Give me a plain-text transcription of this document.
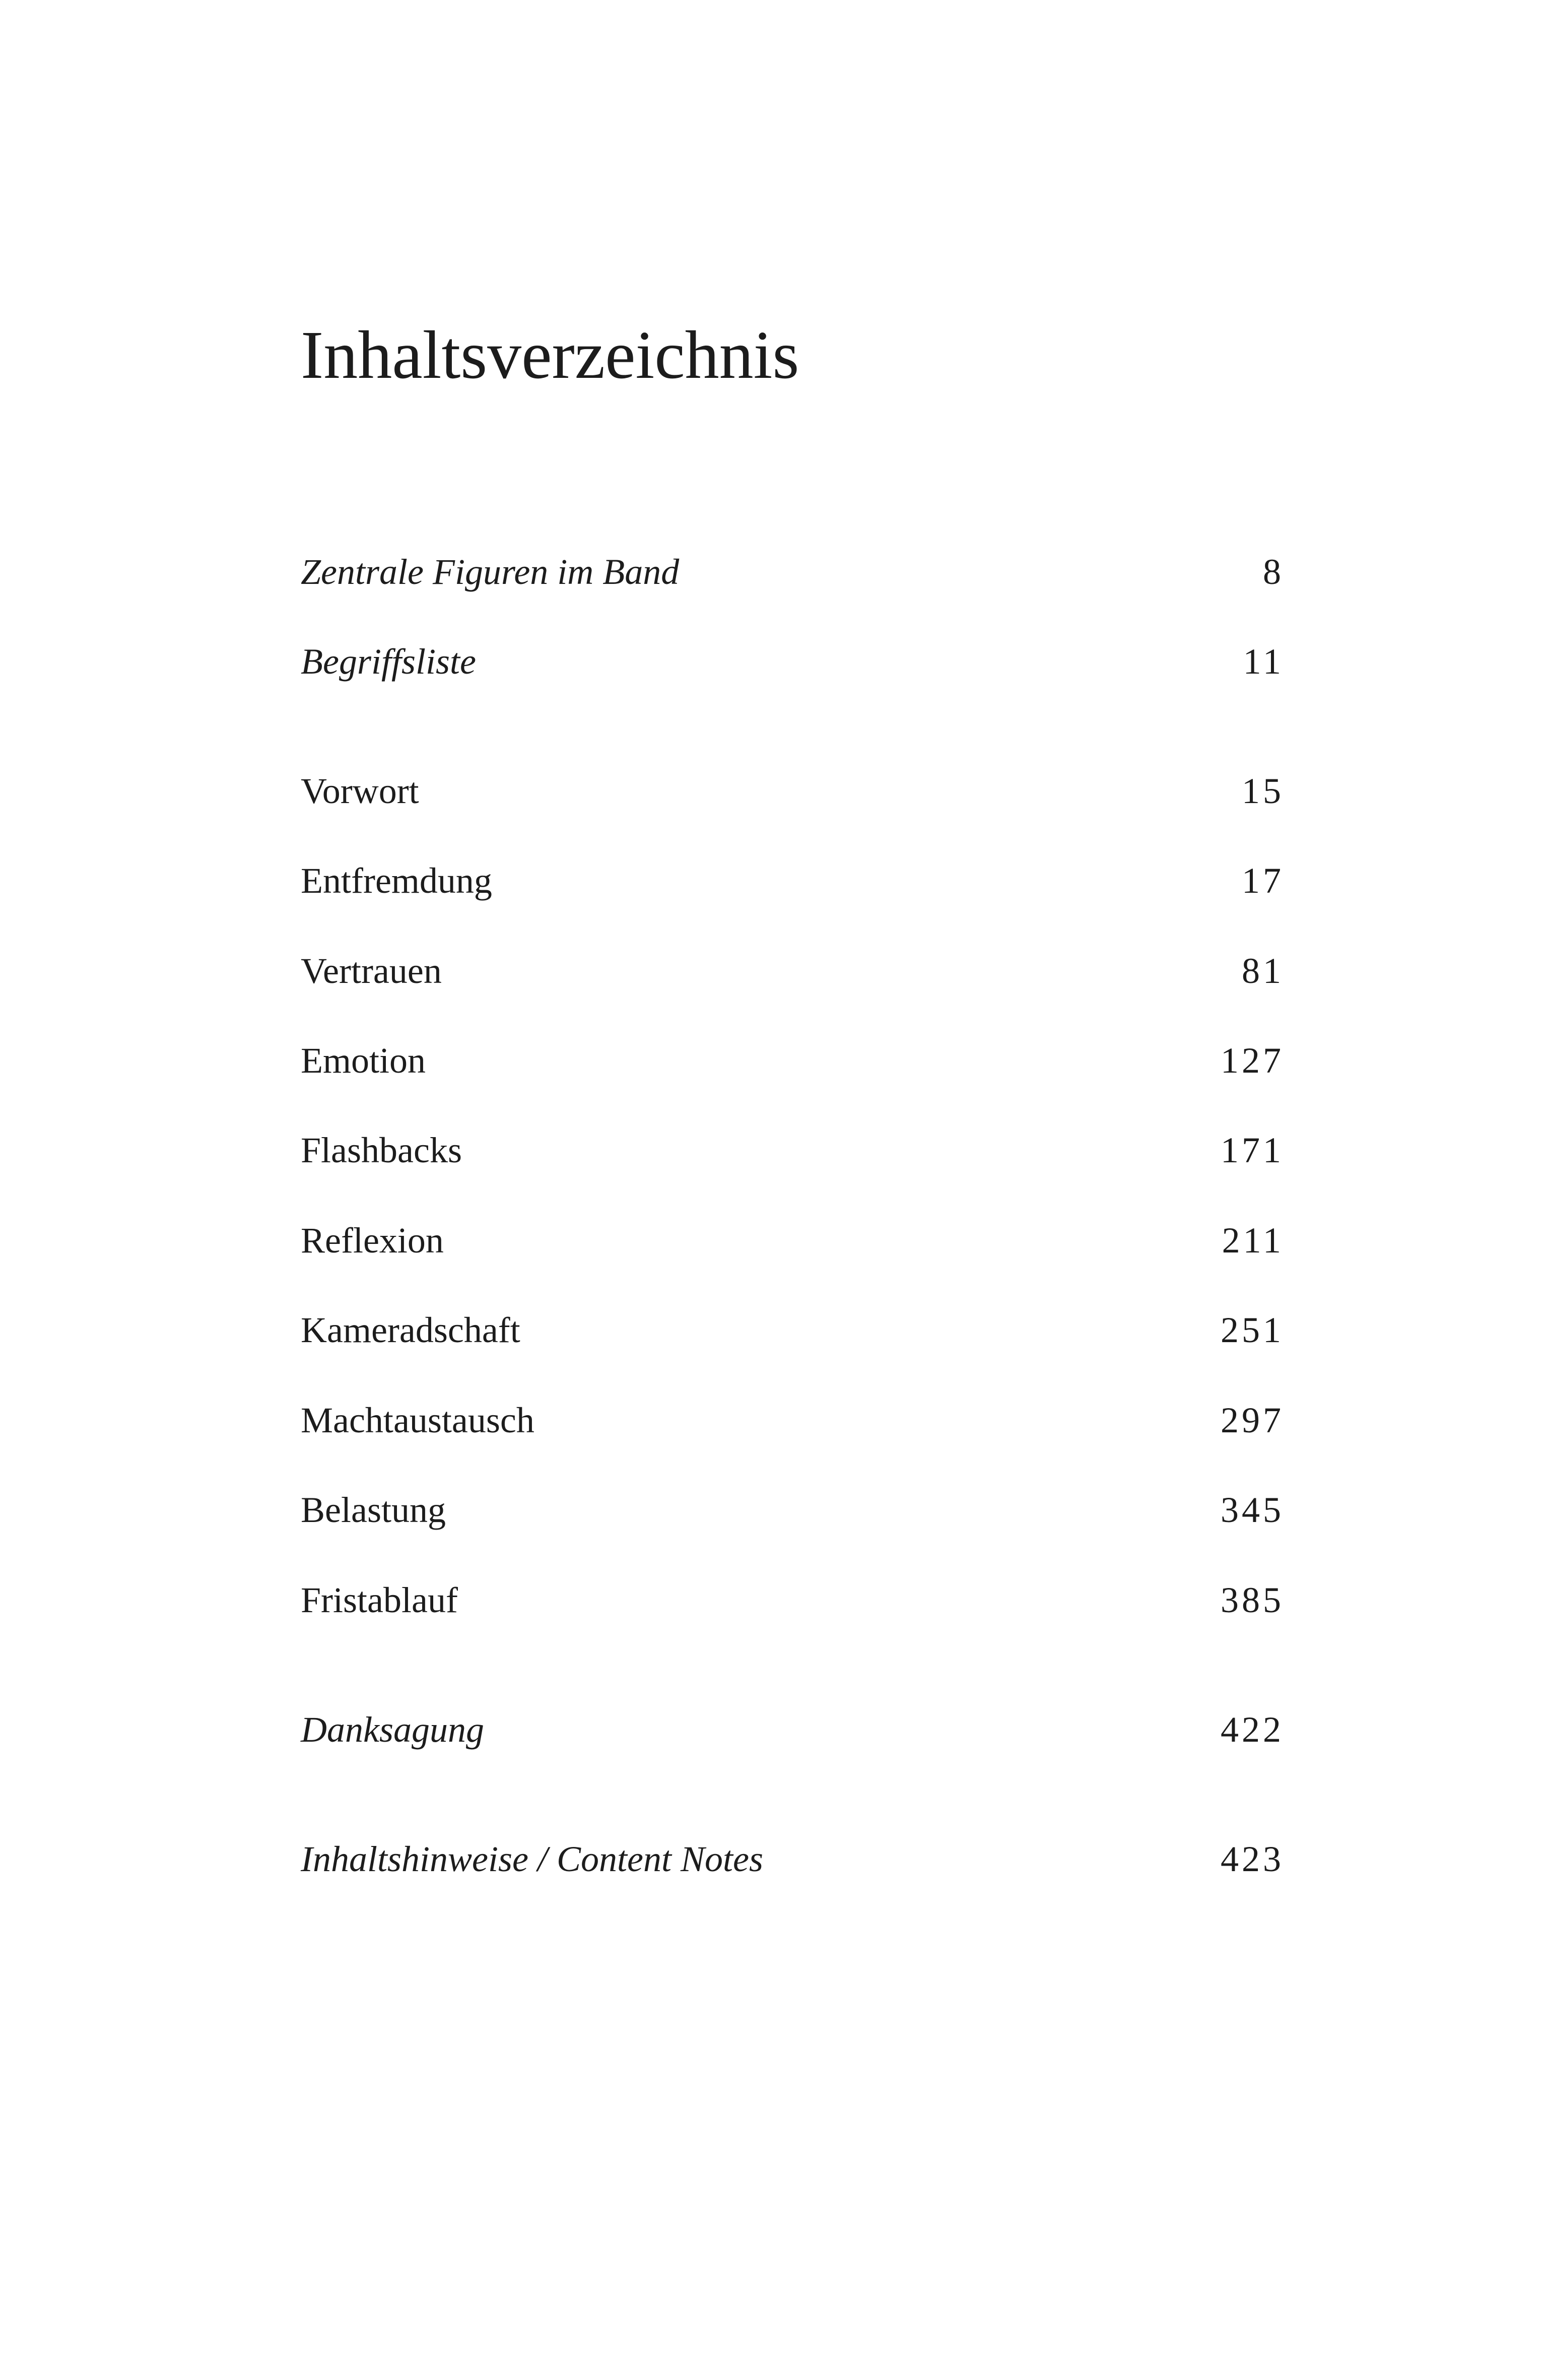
Inhaltsverzeichnis
Zentrale Figuren im Band	8
Begriffsliste	11
Vorwort	15
Entfremdung	17
Vertrauen	81
Emotion	127
Flashbacks	171
Reflexion	211
Kameradschaft	251
Machtaustausch	297
Belastung	345
Fristablauf	385
Danksagung	422
Inhaltshinweise / Content Notes	423
